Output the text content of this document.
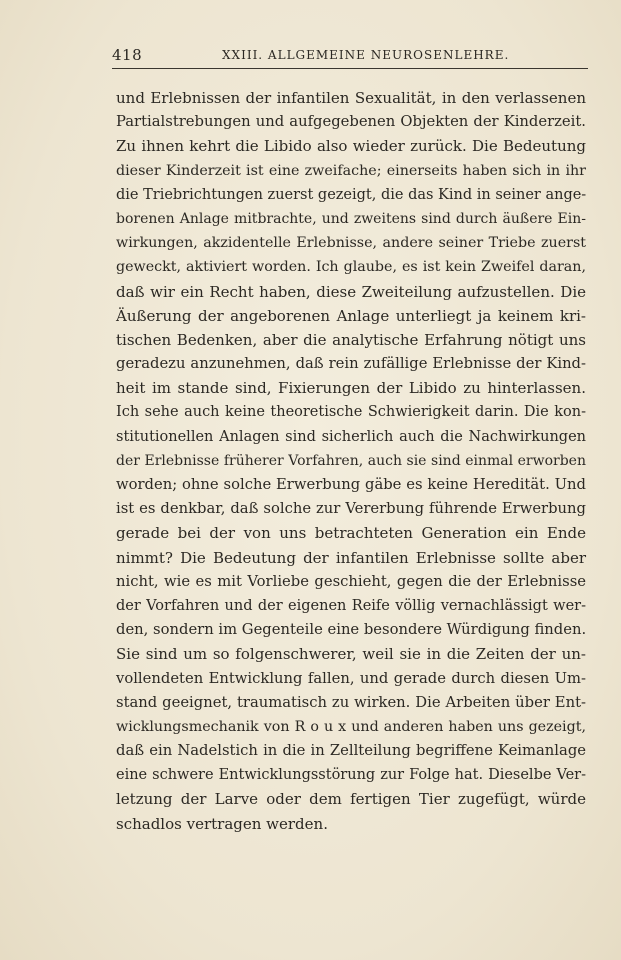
418	XXIII. ALLGEMEINE NEUROSENLEHRE.
und Erlebnissen der infantilen Sexualität, in den verlassenen
Partialstrebungen und aufgegebenen Objekten der Kinderzeit.
Zu ihnen kehrt die Libido also wieder zurück. Die Bedeutung
dieser Kinderzeit ist eine zweifache; einerseits haben sich in ihr
die Triebrichtungen zuerst gezeigt, die das Kind in seiner ange-
borenen Anlage mitbrachte, und zweitens sind durch äußere Ein-
wirkungen, akzidentelle Erlebnisse, andere seiner Triebe zuerst
geweckt, aktiviert worden. Ich glaube, es ist kein Zweifel daran,
daß wir ein Recht haben, diese Zweiteilung aufzustellen. Die
Äußerung der angeborenen Anlage unterliegt ja keinem kri-
tischen Bedenken, aber die analytische Erfahrung nötigt uns
geradezu anzunehmen, daß rein zufällige Erlebnisse der Kind-
heit im stande sind, Fixierungen der Libido zu hinterlassen.
Ich sehe auch keine theoretische Schwierigkeit darin. Die kon-
stitutionellen Anlagen sind sicherlich auch die Nachwirkungen
der Erlebnisse früherer Vorfahren, auch sie sind einmal erworben
worden; ohne solche Erwerbung gäbe es keine Heredität. Und
ist es denkbar, daß solche zur Vererbung führende Erwerbung
gerade bei der von uns betrachteten Generation ein Ende
nimmt? Die Bedeutung der infantilen Erlebnisse sollte aber
nicht, wie es mit Vorliebe geschieht, gegen die der Erlebnisse
der Vorfahren und der eigenen Reife völlig vernachlässigt wer-
den, sondern im Gegenteile eine besondere Würdigung finden.
Sie sind um so folgenschwerer, weil sie in die Zeiten der un-
vollendeten Entwicklung fallen, und gerade durch diesen Um-
stand geeignet, traumatisch zu wirken. Die Arbeiten über Ent-
wicklungsmechanik von R o u x und anderen haben uns gezeigt,
daß ein Nadelstich in die in Zellteilung begriffene Keimanlage
eine schwere Entwicklungsstörung zur Folge hat. Dieselbe Ver-
letzung der Larve oder dem fertigen Tier zugefügt, würde
schadlos vertragen werden.
